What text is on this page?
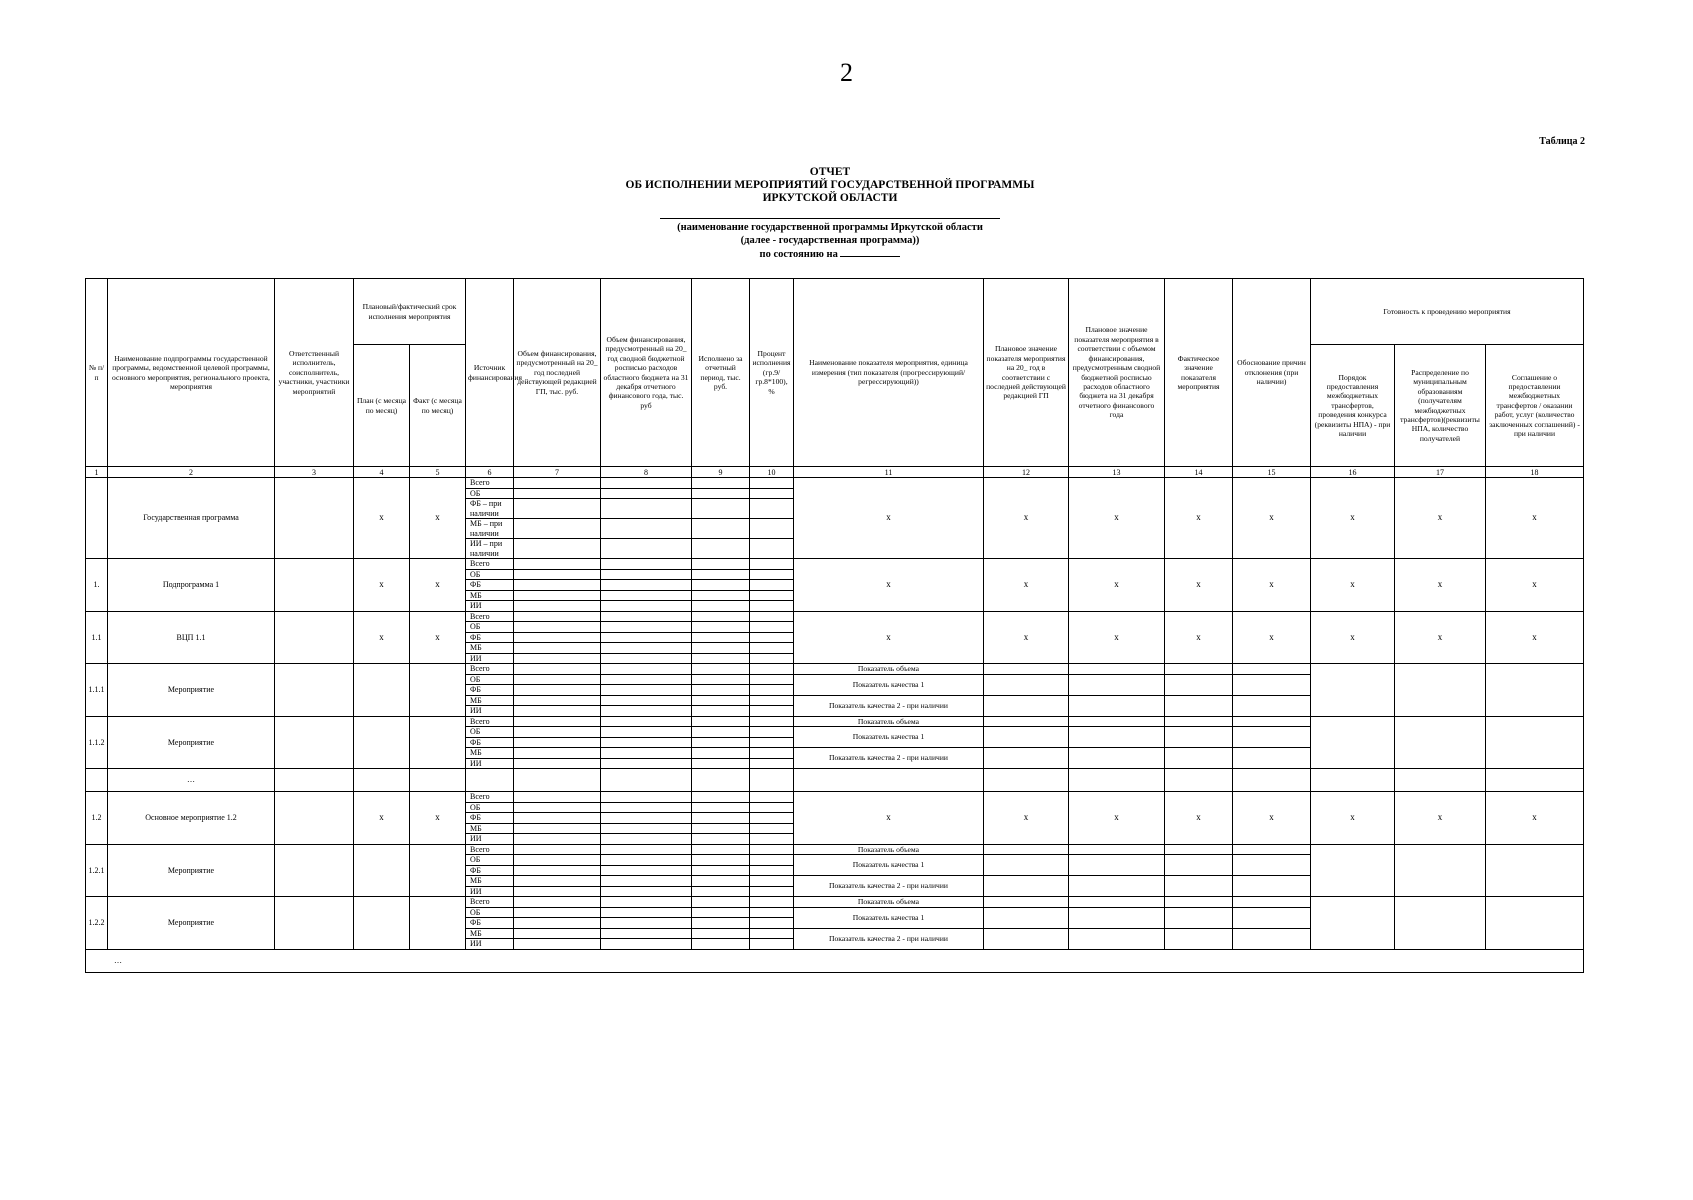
2
Таблица 2
ОТЧЕТ
ОБ ИСПОЛНЕНИИ МЕРОПРИЯТИЙ ГОСУДАРСТВЕННОЙ ПРОГРАММЫ
ИРКУТСКОЙ ОБЛАСТИ
(наименование государственной программы Иркутской области
(далее - государственная программа))
по состоянию на
№ п/п	Наименование подпрограммы государственной программы, ведомственной целевой программы, основного мероприятия, регионального проекта, мероприятия	Ответственный исполнитель, соисполнитель, участники, участники мероприятий	Плановый/фактический срок исполнения мероприятия		Источник финансирования	Объем финансирования, предусмотренный на 20_ год последней действующей редакцией ГП, тыс. руб.	Объем финансирования, предусмотренный на 20_ год сводной бюджетной росписью расходов областного бюджета на 31 декабря отчетного финансового года, тыс. руб	Исполнено за отчетный период, тыс. руб.	Процент исполнения (гр.9/гр.8*100), %	Наименование показателя мероприятия, единица измерения (тип показателя (прогрессирующий/регрессирующий))	Плановое значение показателя мероприятия на 20_ год в соответствии с последней действующей редакцией ГП	Плановое значение показателя мероприятия в соответствии с объемом финансирования, предусмотренным сводной бюджетной росписью расходов областного бюджета на 31 декабря отчетного финансового года	Фактическое значение показателя мероприятия	Обоснование причин отклонения (при наличии)	Готовность к проведению мероприятия		
			План (с месяца по месяц)	Факт (с месяца по месяц)											Порядок предоставления межбюджетных трансфертов, проведения конкурса (реквизиты НПА) - при наличии	Распределение по муниципальным образованиям (получателям межбюджетных трансфертов)(реквизиты НПА, количество получателей	Соглашение о предоставлении межбюджетных трансфертов / оказании работ, услуг (количество заключенных соглашений) - при наличии
1	2	3	4	5	6	7	8	9	10	11	12	13	14	15	16	17	18
	Государственная программа		x	x	Всего					x	x	x	x	x	x	x	x
					ОБ												
					ФБ – при наличии												
					МБ – при наличии												
					ИИ – при наличии												
1.	Подпрограмма 1		x	x	Всего					x	x	x	x	x	x	x	x
					ОБ												
					ФБ												
					МБ												
					ИИ												
1.1	ВЦП 1.1		x	x	Всего					x	x	x	x	x	x	x	x
					ОБ												
					ФБ												
					МБ												
					ИИ												
1.1.1	Мероприятие				Всего					Показатель объема							
					ОБ					Показатель качества 1							
					ФБ												
					МБ					Показатель качества 2 - при наличии							
					ИИ												
1.1.2	Мероприятие				Всего					Показатель объема							
					ОБ					Показатель качества 1							
					ФБ												
					МБ					Показатель качества 2 - при наличии							
					ИИ												
	…																
1.2	Основное мероприятие 1.2		x	x	Всего					x	x	x	x	x	x	x	x
					ОБ												
					ФБ												
					МБ												
					ИИ												
1.2.1	Мероприятие				Всего					Показатель объема							
					ОБ					Показатель качества 1							
					ФБ												
					МБ					Показатель качества 2 - при наличии							
					ИИ												
1.2.2	Мероприятие				Всего					Показатель объема							
					ОБ					Показатель качества 1							
					ФБ												
					МБ					Показатель качества 2 - при наличии							
					ИИ												
…																	
